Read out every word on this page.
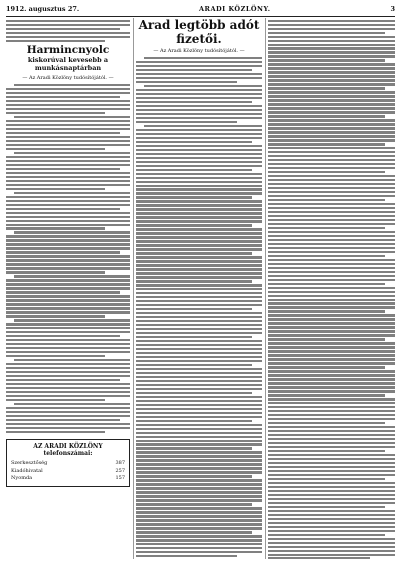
1912. augusztus 27.	ARADI KÖZLÖNY.	3
Harmincnyolc
kiskorúval kevesebb a munkásnaptárban
— Az Aradi Közlöny tudósítójától. —
AZ ARADI KÖZLÖNY telefonszámai:
Szerkesztőség	387
Kiadóhivatal	257
Nyomda	157
Arad legtöbb adót fizetői.
— Az Aradi Közlöny tudósítójától. —
